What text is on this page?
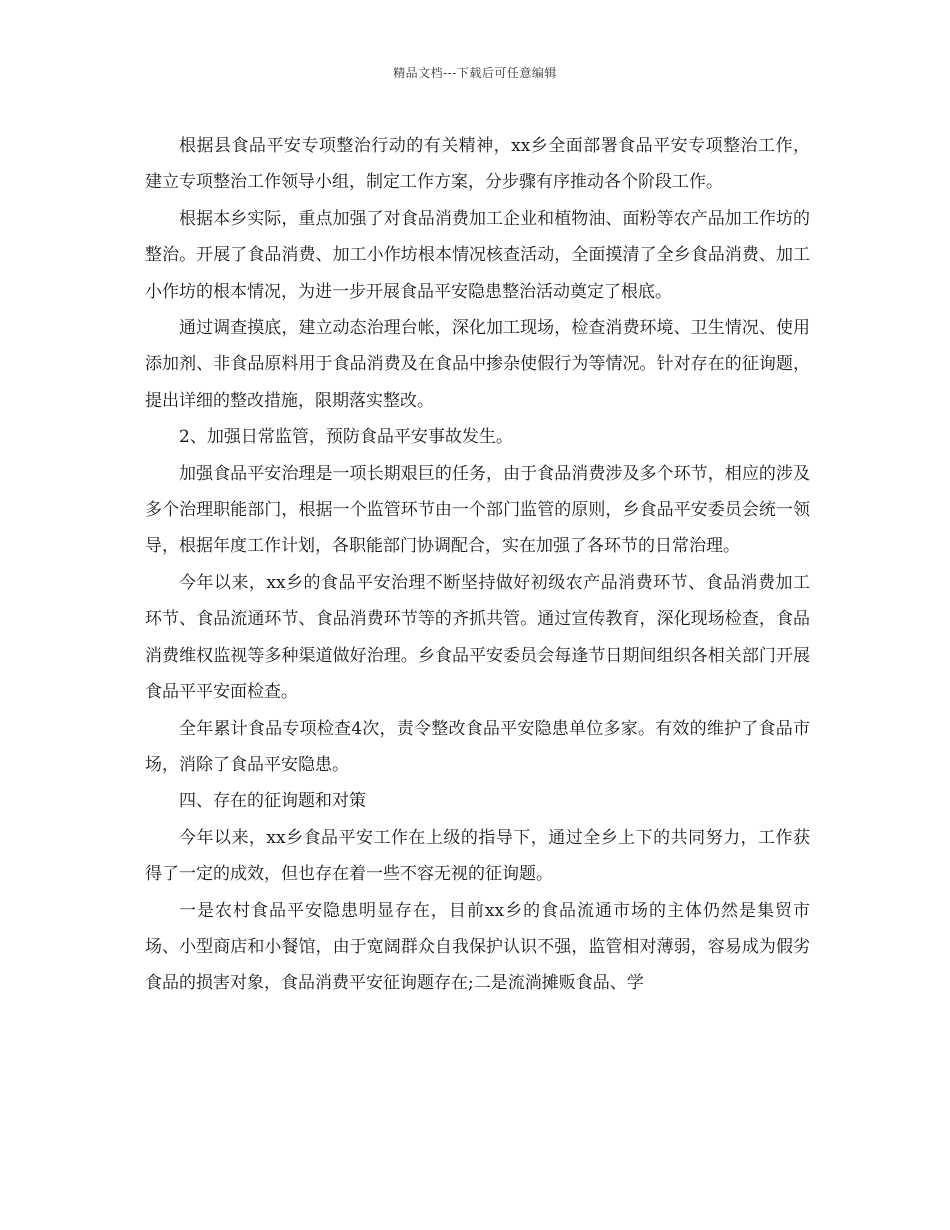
精品文档---下载后可任意编辑

根据县食品平安专项整治行动的有关精神，xx乡全面部署食品平安专项整治工作，建立专项整治工作领导小组，制定工作方案，分步骤有序推动各个阶段工作。

根据本乡实际，重点加强了对食品消费加工企业和植物油、面粉等农产品加工作坊的整治。开展了食品消费、加工小作坊根本情况核查活动，全面摸清了全乡食品消费、加工小作坊的根本情况，为进一步开展食品平安隐患整治活动奠定了根底。

通过调查摸底，建立动态治理台帐，深化加工现场，检查消费环境、卫生情况、使用添加剂、非食品原料用于食品消费及在食品中掺杂使假行为等情况。针对存在的征询题，提出详细的整改措施，限期落实整改。

2、加强日常监管，预防食品平安事故发生。

加强食品平安治理是一项长期艰巨的任务，由于食品消费涉及多个环节，相应的涉及多个治理职能部门，根据一个监管环节由一个部门监管的原则，乡食品平安委员会统一领导，根据年度工作计划，各职能部门协调配合，实在加强了各环节的日常治理。

今年以来，xx乡的食品平安治理不断坚持做好初级农产品消费环节、食品消费加工环节、食品流通环节、食品消费环节等的齐抓共管。通过宣传教育，深化现场检查，食品消费维权监视等多种渠道做好治理。乡食品平安委员会每逢节日期间组织各相关部门开展食品平平安面检查。

全年累计食品专项检查4次，责令整改食品平安隐患单位多家。有效的维护了食品市场，消除了食品平安隐患。

四、存在的征询题和对策

今年以来，xx乡食品平安工作在上级的指导下，通过全乡上下的共同努力，工作获得了一定的成效，但也存在着一些不容无视的征询题。

一是农村食品平安隐患明显存在，目前xx乡的食品流通市场的主体仍然是集贸市场、小型商店和小餐馆，由于宽阔群众自我保护认识不强，监管相对薄弱，容易成为假劣食品的损害对象，食品消费平安征询题存在;二是流淌摊贩食品、学
